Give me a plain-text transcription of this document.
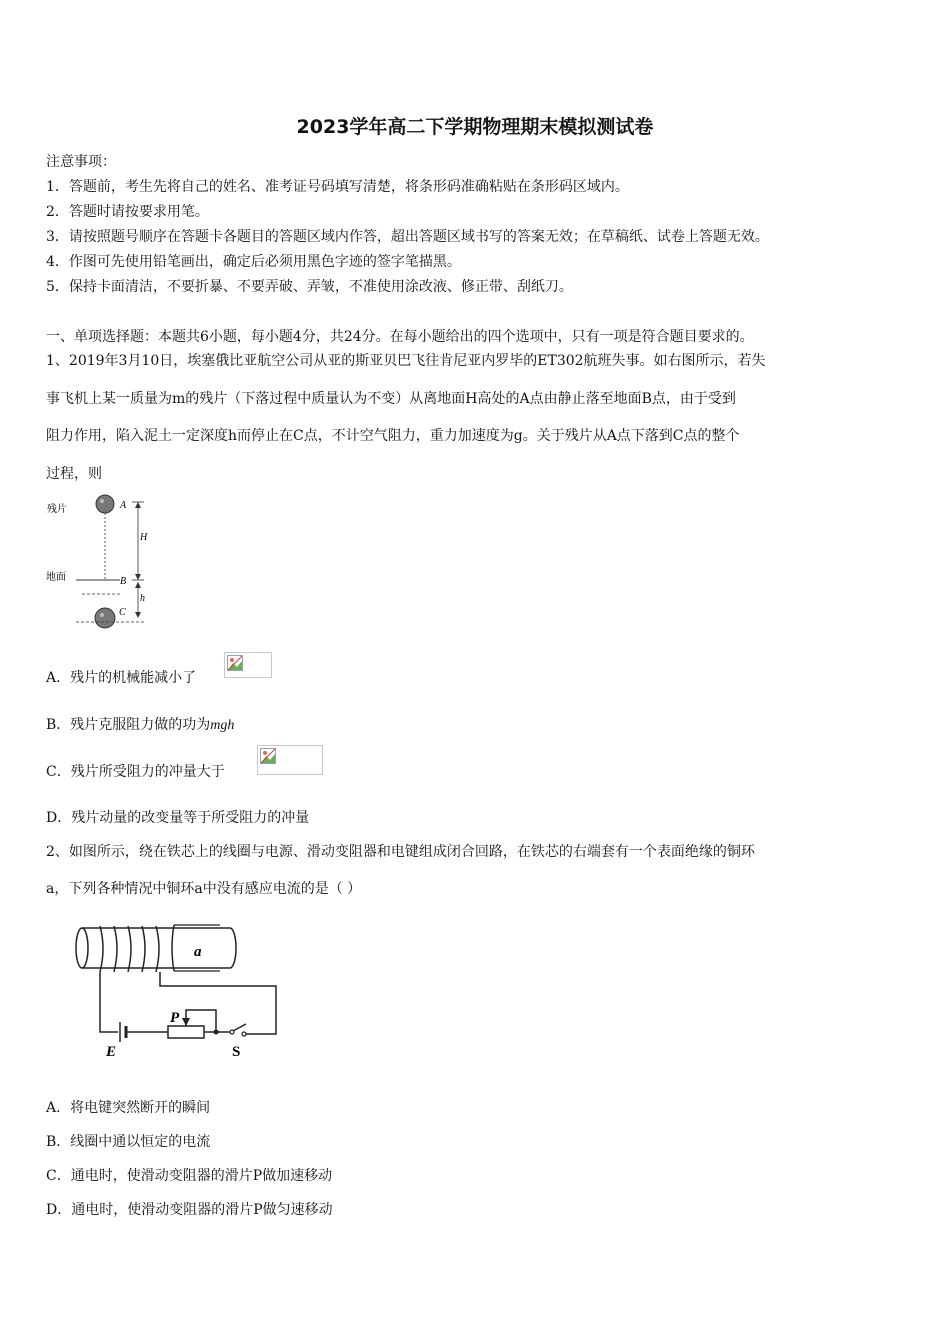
2023学年高二下学期物理期末模拟测试卷
注意事项：
1．答题前，考生先将自己的姓名、准考证号码填写清楚，将条形码准确粘贴在条形码区域内。
2．答题时请按要求用笔。
3．请按照题号顺序在答题卡各题目的答题区域内作答，超出答题区域书写的答案无效；在草稿纸、试卷上答题无效。
4．作图可先使用铅笔画出，确定后必须用黑色字迹的签字笔描黑。
5．保持卡面清洁，不要折暴、不要弄破、弄皱，不准使用涂改液、修正带、刮纸刀。
一、单项选择题：本题共6小题，每小题4分，共24分。在每小题给出的四个选项中，只有一项是符合题目要求的。
1、2019年3月10日，埃塞俄比亚航空公司从亚的斯亚贝巴飞往肯尼亚内罗毕的ET302航班失事。如右图所示，若失
事飞机上某一质量为m的残片（下落过程中质量认为不变）从离地面H高处的A点由静止落至地面B点，由于受到
阻力作用，陷入泥土一定深度h而停止在C点，不计空气阻力，重力加速度为g。关于残片从A点下落到C点的整个
过程，则
残片	A
H
地面	B
h
C
A．残片的机械能减小了
B．残片克服阻力做的功为mgh
C．残片所受阻力的冲量大于
D．残片动量的改变量等于所受阻力的冲量
2、如图所示，绕在铁芯上的线圈与电源、滑动变阻器和电键组成闭合回路，在铁芯的右端套有一个表面绝缘的铜环
a，下列各种情况中铜环a中没有感应电流的是（ ）
a
E
P
S
A．将电键突然断开的瞬间
B．线圈中通以恒定的电流
C．通电时，使滑动变阻器的滑片P做加速移动
D．通电时，使滑动变阻器的滑片P做匀速移动
